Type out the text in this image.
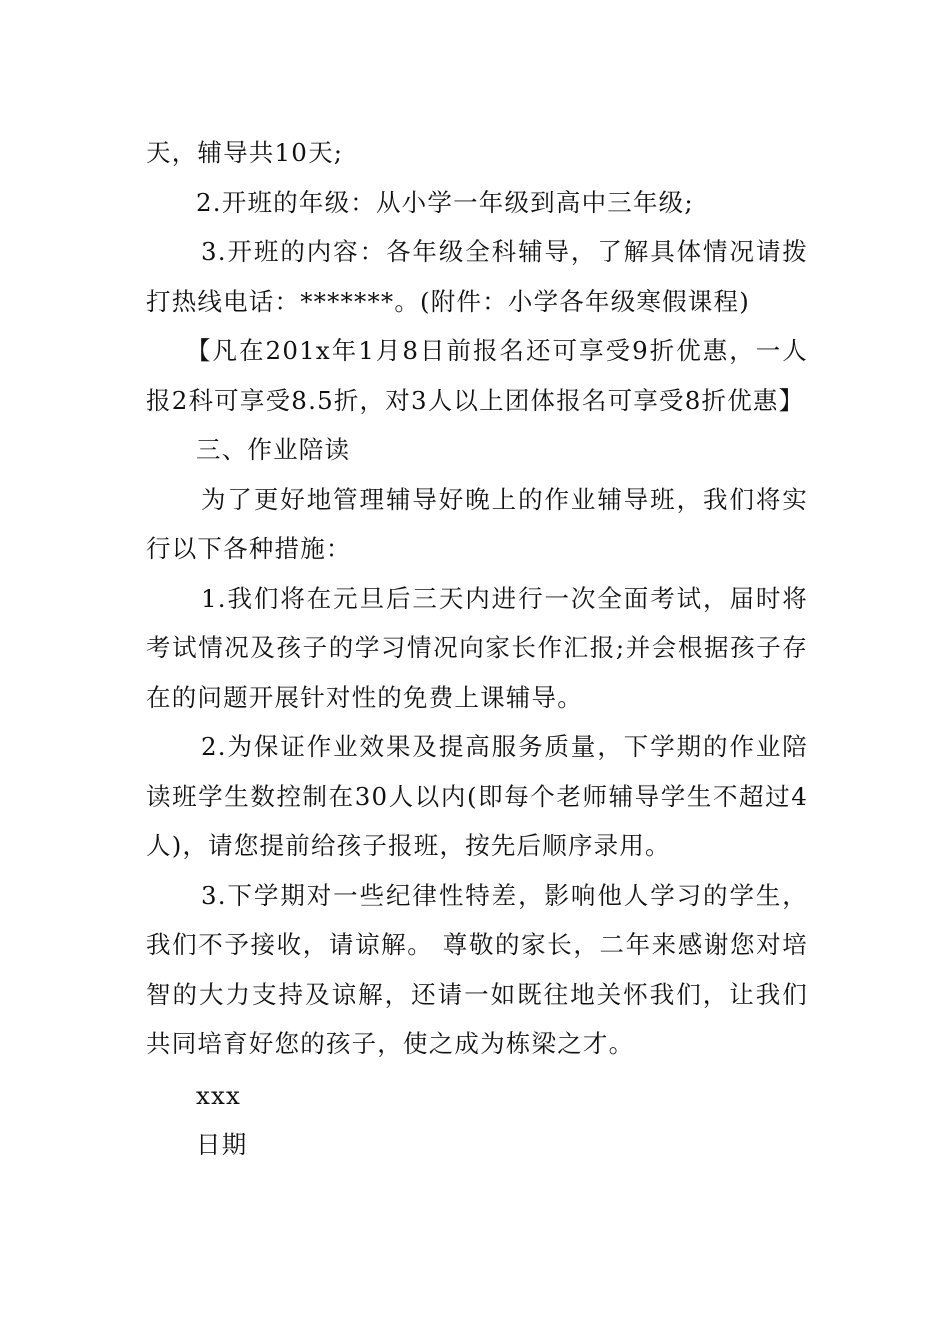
天，辅导共10天;

2.开班的年级：从小学一年级到高中三年级;

3.开班的内容：各年级全科辅导，了解具体情况请拨打热线电话：*******。(附件：小学各年级寒假课程)

【凡在201x年1月8日前报名还可享受9折优惠，一人报2科可享受8.5折，对3人以上团体报名可享受8折优惠】

三、作业陪读

为了更好地管理辅导好晚上的作业辅导班，我们将实行以下各种措施：

1.我们将在元旦后三天内进行一次全面考试，届时将考试情况及孩子的学习情况向家长作汇报;并会根据孩子存在的问题开展针对性的免费上课辅导。

2.为保证作业效果及提高服务质量，下学期的作业陪读班学生数控制在30人以内(即每个老师辅导学生不超过4人)，请您提前给孩子报班，按先后顺序录用。

3.下学期对一些纪律性特差，影响他人学习的学生，我们不予接收，请谅解。 尊敬的家长，二年来感谢您对培智的大力支持及谅解，还请一如既往地关怀我们，让我们共同培育好您的孩子，使之成为栋梁之才。

xxx

日期
